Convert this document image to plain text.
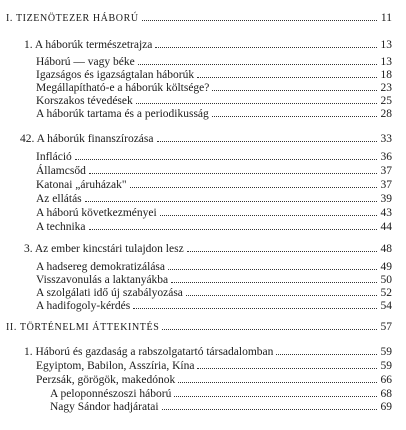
I. TIZENÖTEZER HÁBORÚ	11
1. A háborúk természetrajza	13
Háború — vagy béke	13
Igazságos és igazságtalan háborúk	18
Megállapítható-e a háborúk költsége?	23
Korszakos tévedések	25
A háborúk tartama és a periodikusság	28
42. A háborúk finanszírozása	33
Infláció	36
Államcsőd	37
Katonai „áruházak"	37
Az ellátás	39
A háború következményei	43
A technika	44
3. Az ember kincstári tulajdon lesz	48
A hadsereg demokratizálása	49
Visszavonulás a laktanyákba	50
A szolgálati idő új szabályozása	52
A hadifogoly-kérdés	54
II. TÖRTÉNELMI ÁTTEKINTÉS	57
1. Háború és gazdaság a rabszolgatartó társadalomban	59
Egyiptom, Babilon, Asszíria, Kína	59
Perzsák, görögök, makedónok	66
A peloponnészoszi háború	68
Nagy Sándor hadjáratai	69
